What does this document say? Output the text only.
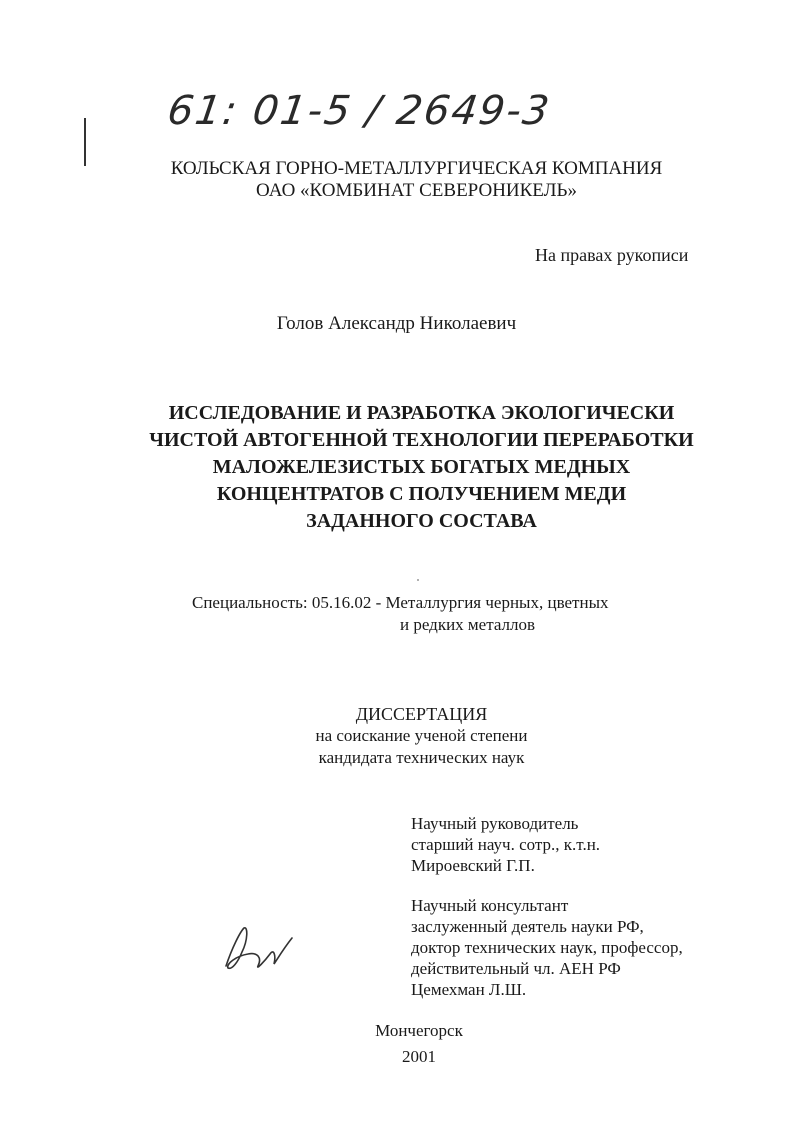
61: 01-5 / 2649-3
КОЛЬСКАЯ ГОРНО-МЕТАЛЛУРГИЧЕСКАЯ КОМПАНИЯ
ОАО «КОМБИНАТ СЕВЕРОНИКЕЛЬ»
На правах рукописи
Голов Александр Николаевич
ИССЛЕДОВАНИЕ И РАЗРАБОТКА ЭКОЛОГИЧЕСКИ
ЧИСТОЙ АВТОГЕННОЙ ТЕХНОЛОГИИ ПЕРЕРАБОТКИ
МАЛОЖЕЛЕЗИСТЫХ БОГАТЫХ МЕДНЫХ
КОНЦЕНТРАТОВ С ПОЛУЧЕНИЕМ МЕДИ
ЗАДАННОГО СОСТАВА
Специальность: 05.16.02 - Металлургия черных, цветных
и редких металлов
ДИССЕРТАЦИЯ
на соискание ученой степени
кандидата технических наук
Научный руководитель
старший науч. сотр., к.т.н.
Мироевский Г.П.
Научный консультант
заслуженный деятель науки РФ,
доктор технических наук, профессор,
действительный чл. АЕН РФ
Цемехман Л.Ш.
Мончегорск
2001
